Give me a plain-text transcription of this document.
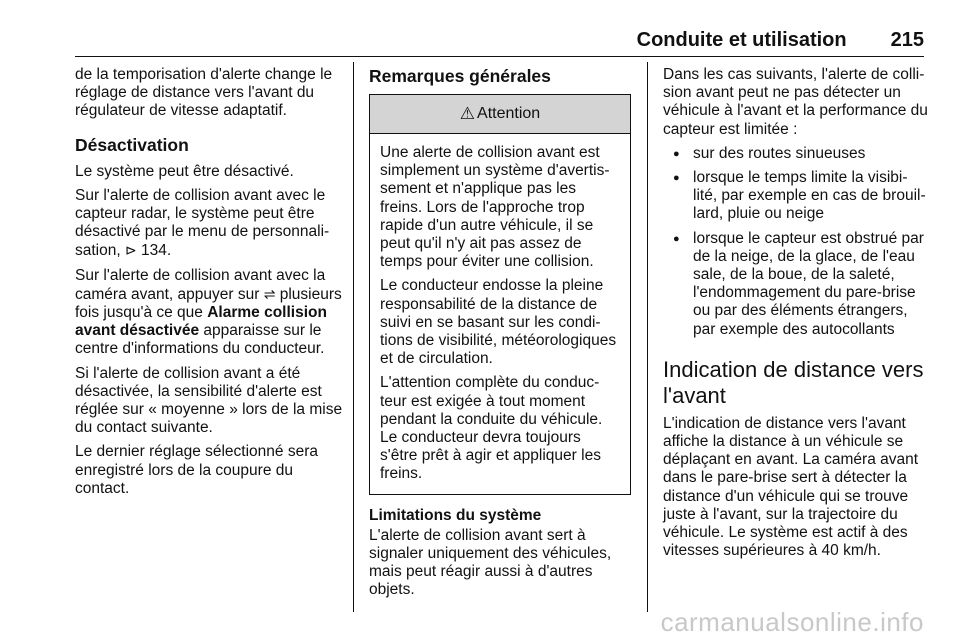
Conduite et utilisation 215

de la temporisation d'alerte change le réglage de distance vers l'avant du régulateur de vitesse adaptatif.

Désactivation

Le système peut être désactivé.

Sur l'alerte de collision avant avec le capteur radar, le système peut être désactivé par le menu de personnali-sation, ⊳ 134.

Sur l'alerte de collision avant avec la caméra avant, appuyer sur ⇌ plusieurs fois jusqu'à ce que Alarme collision avant désactivée apparaisse sur le centre d'informations du conducteur.

Si l'alerte de collision avant a été désactivée, la sensibilité d'alerte est réglée sur « moyenne » lors de la mise du contact suivante.

Le dernier réglage sélectionné sera enregistré lors de la coupure du contact.

Remarques générales
⚠ Attention

Une alerte de collision avant est simplement un système d'avertis-sement et n'applique pas les freins. Lors de l'approche trop rapide d'un autre véhicule, il se peut qu'il n'y ait pas assez de temps pour éviter une collision.

Le conducteur endosse la pleine responsabilité de la distance de suivi en se basant sur les condi-tions de visibilité, météorologiques et de circulation.

L'attention complète du conduc-teur est exigée à tout moment pendant la conduite du véhicule. Le conducteur devra toujours s'être prêt à agir et appliquer les freins.

Limitations du système

L'alerte de collision avant sert à signaler uniquement des véhicules, mais peut réagir aussi à d'autres objets.

Dans les cas suivants, l'alerte de colli-sion avant peut ne pas détecter un véhicule à l'avant et la performance du capteur est limitée :

● sur des routes sinueuses
● lorsque le temps limite la visibi-lité, par exemple en cas de brouil-lard, pluie ou neige
● lorsque le capteur est obstrué par de la neige, de la glace, de l'eau sale, de la boue, de la saleté, l'endommagement du pare-brise ou par des éléments étrangers, par exemple des autocollants
Indication de distance vers l'avant

L'indication de distance vers l'avant affiche la distance à un véhicule se déplaçant en avant. La caméra avant dans le pare-brise sert à détecter la distance d'un véhicule qui se trouve juste à l'avant, sur la trajectoire du véhicule. Le système est actif à des vitesses supérieures à 40 km/h.

carmanualsonline.info
